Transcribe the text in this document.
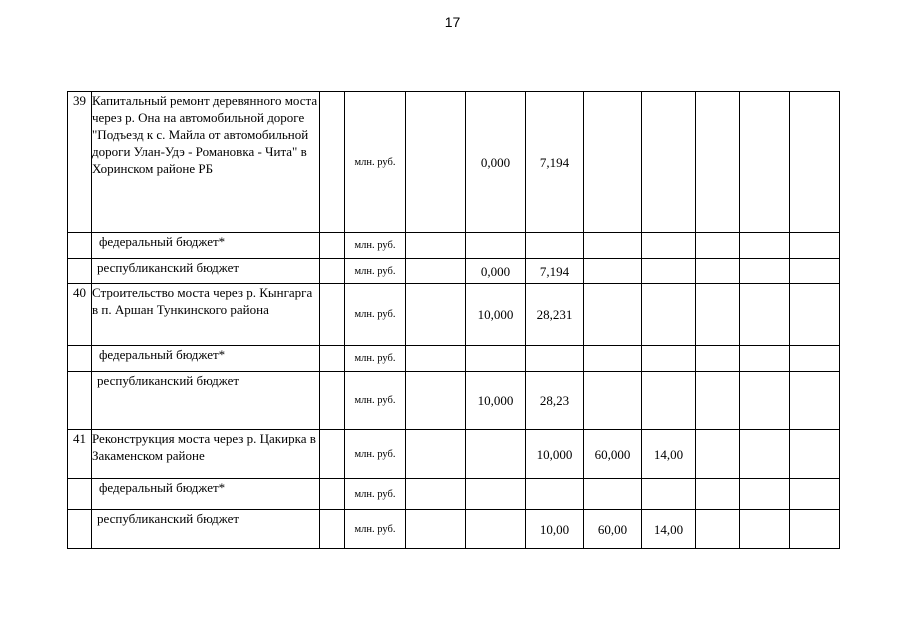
17
39	Капитальный ремонт деревянного моста через р. Она на автомобильной дороге "Подъезд к с. Майла от автомобильной дороги Улан-Удэ - Романовка - Чита" в Хоринском районе РБ		млн. руб.		0,000	7,194					
	федеральный бюджет*		млн. руб.								
	республиканский бюджет		млн. руб.		0,000	7,194					
40	Строительство моста через р. Кынгарга в п. Аршан Тункинского района		млн. руб.		10,000	28,231					
	федеральный бюджет*		млн. руб.								
	республиканский бюджет		млн. руб.		10,000	28,23					
41	Реконструкция моста через р. Цакирка в Закаменском районе		млн. руб.			10,000	60,000	14,00			
	федеральный бюджет*		млн. руб.								
	республиканский бюджет		млн. руб.			10,00	60,00	14,00			
